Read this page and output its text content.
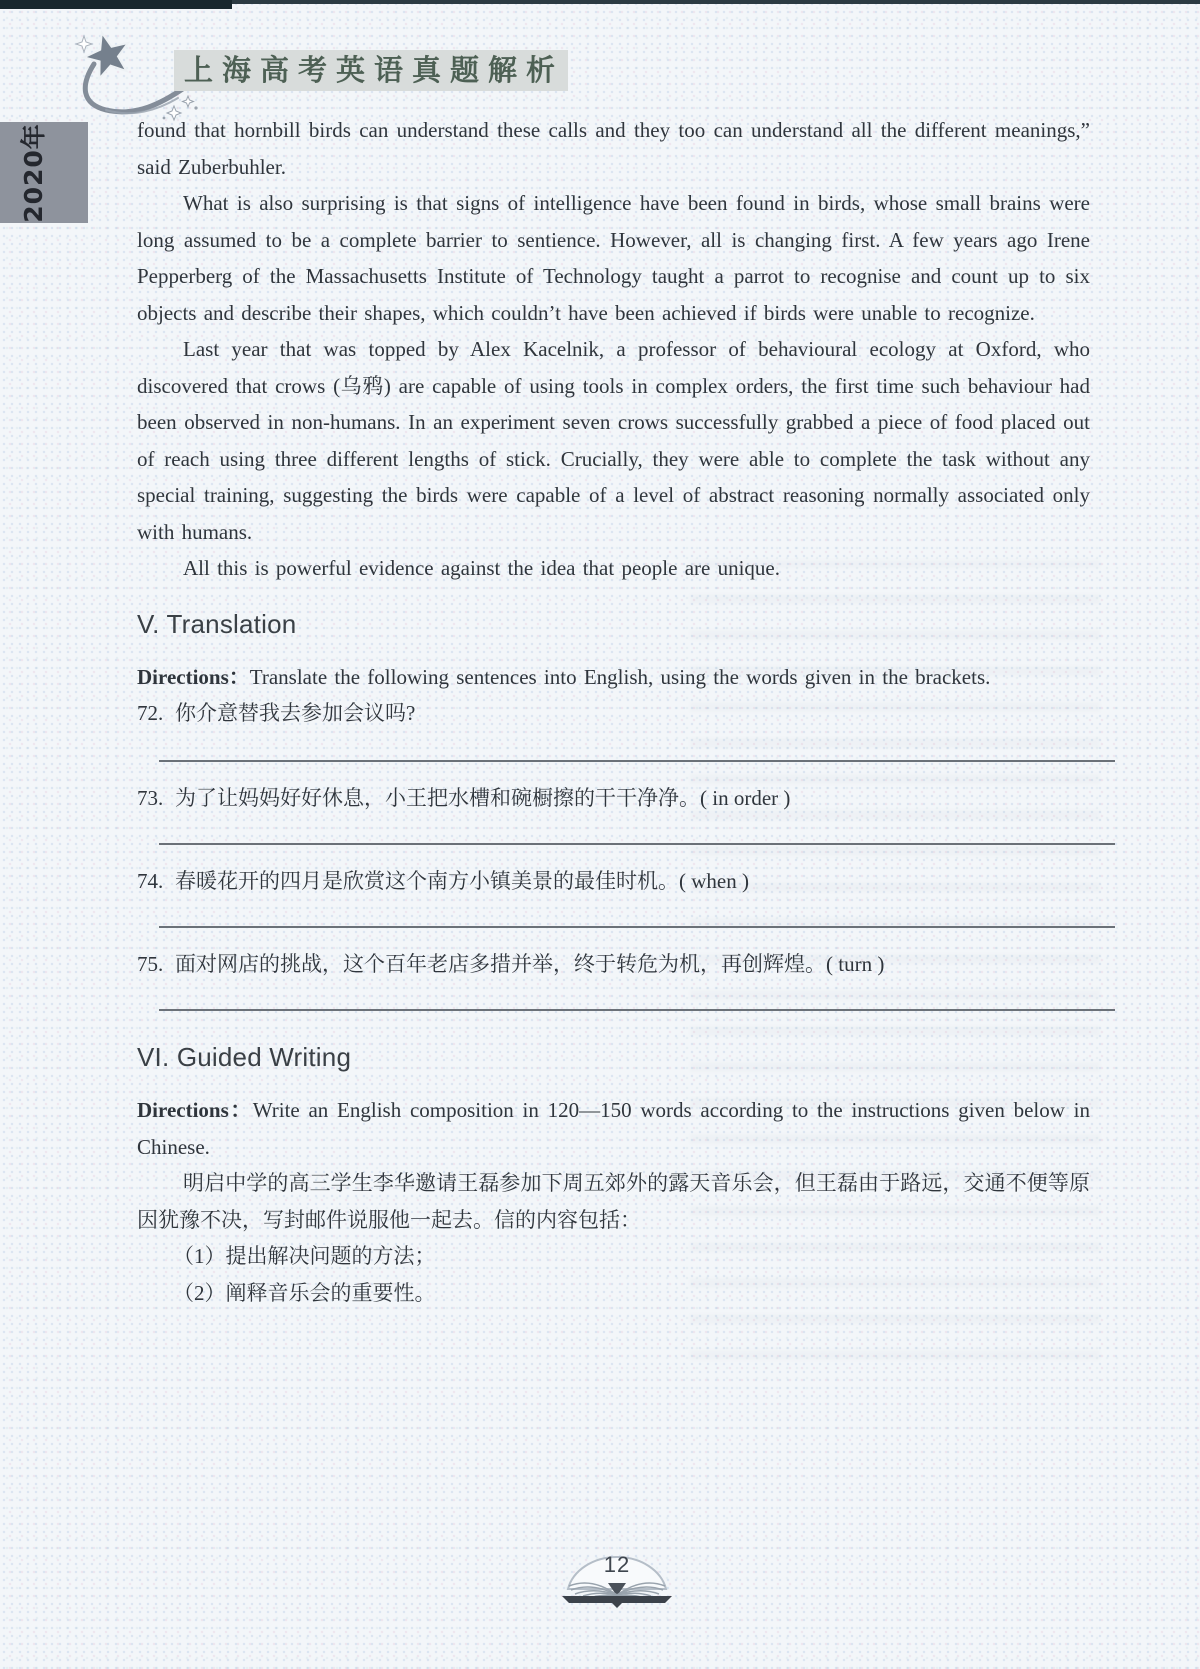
上海高考英语真题解析
2020年	found that hornbill birds can understand these calls and they too can understand all the different meanings,” said Zuberbuhler.

What is also surprising is that signs of intelligence have been found in birds, whose small brains were long assumed to be a complete barrier to sentience. However, all is changing first. A few years ago Irene Pepperberg of the Massachusetts Institute of Technology taught a parrot to recognise and count up to six objects and describe their shapes, which couldn’t have been achieved if birds were unable to recognize.

Last year that was topped by Alex Kacelnik, a professor of behavioural ecology at Oxford, who discovered that crows (乌鸦) are capable of using tools in complex orders, the first time such behaviour had been observed in non-humans. In an experiment seven crows successfully grabbed a piece of food placed out of reach using three different lengths of stick. Crucially, they were able to complete the task without any special training, suggesting the birds were capable of a level of abstract reasoning normally associated only with humans.

All this is powerful evidence against the idea that people are unique.

V. Translation

Directions：Translate the following sentences into English, using the words given in the brackets.

72. 你介意替我去参加会议吗?
73. 为了让妈妈好好休息，小王把水槽和碗橱擦的干干净净。( in order )
74. 春暖花开的四月是欣赏这个南方小镇美景的最佳时机。( when )
75. 面对网店的挑战，这个百年老店多措并举，终于转危为机，再创辉煌。( turn )
VI. Guided Writing

Directions：Write an English composition in 120—150 words according to the instructions given below in Chinese.

明启中学的高三学生李华邀请王磊参加下周五郊外的露天音乐会，但王磊由于路远，交通不便等原因犹豫不决，写封邮件说服他一起去。信的内容包括：

（1）提出解决问题的方法；

（2）阐释音乐会的重要性。

12
